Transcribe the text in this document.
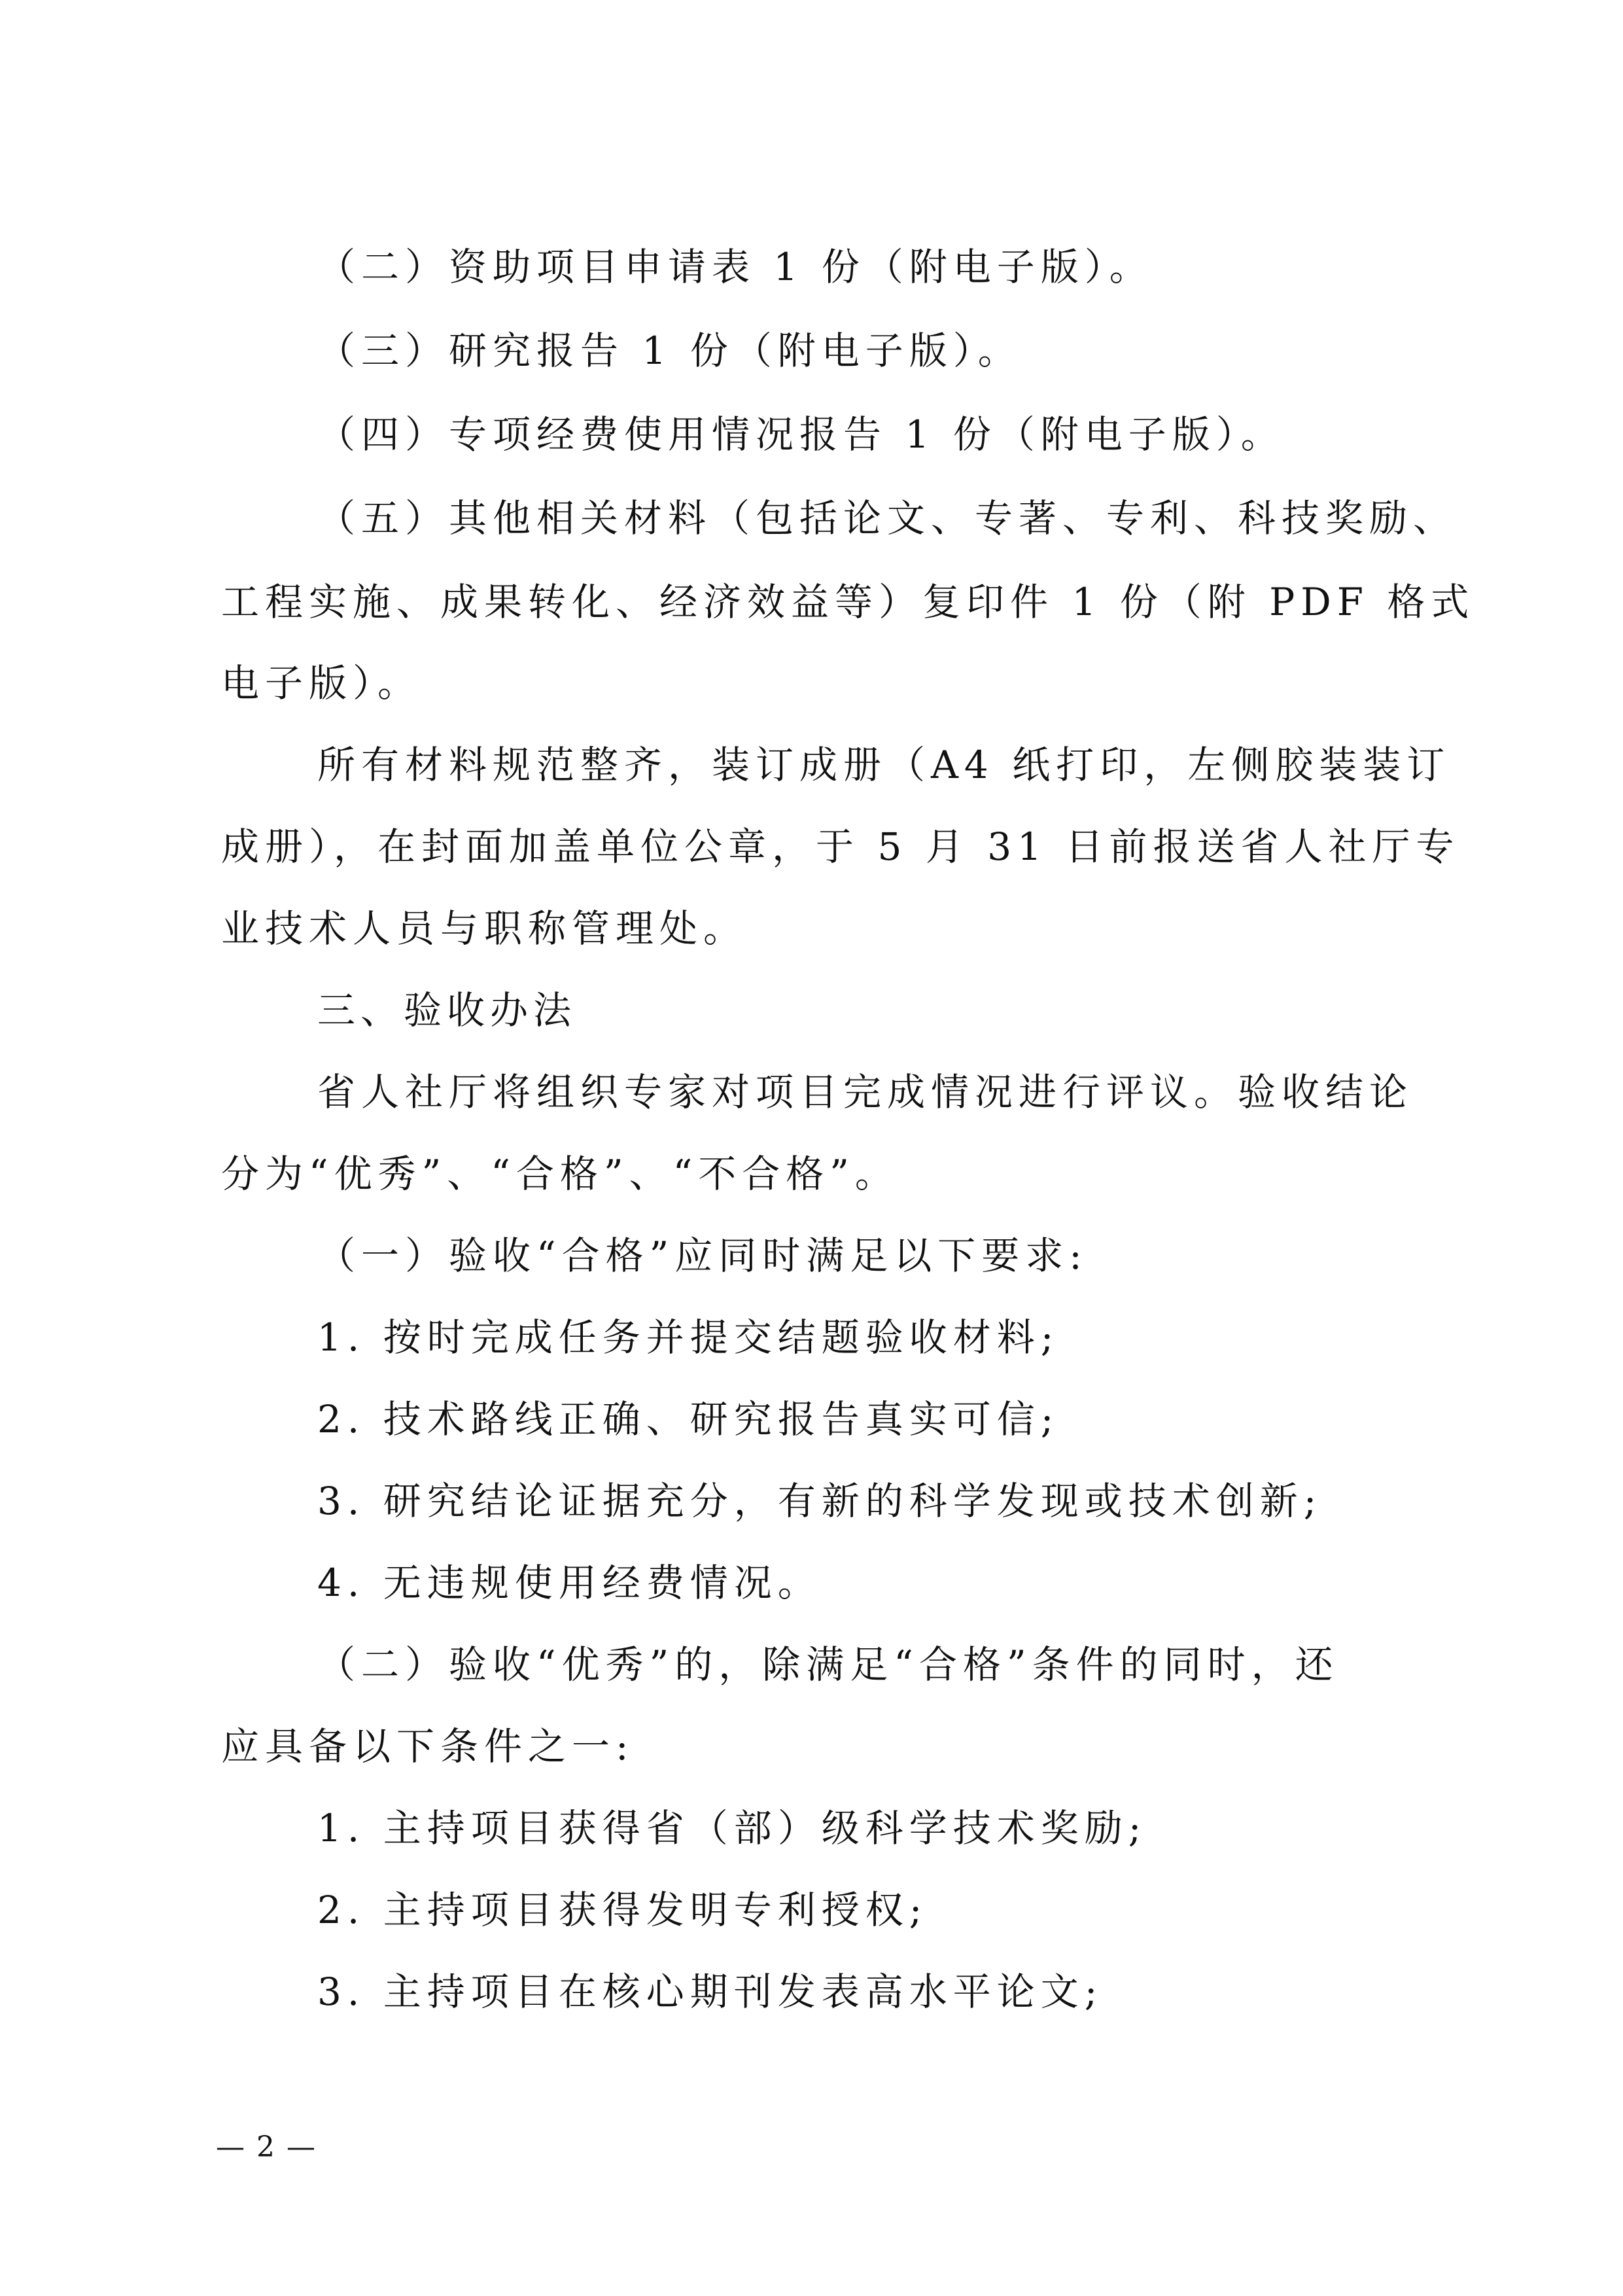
（二）资助项目申请表 1 份（附电子版）。
（三）研究报告 1 份（附电子版）。
（四）专项经费使用情况报告 1 份（附电子版）。
（五）其他相关材料（包括论文、专著、专利、科技奖励、
工程实施、成果转化、经济效益等）复印件 1 份（附 PDF 格式
电子版）。
所有材料规范整齐，装订成册（A4 纸打印，左侧胶装装订
成册），在封面加盖单位公章，于 5 月 31 日前报送省人社厅专
业技术人员与职称管理处。
三、验收办法
省人社厅将组织专家对项目完成情况进行评议。验收结论
分为“优秀”、“合格”、“不合格”。
（一）验收“合格”应同时满足以下要求:
1. 按时完成任务并提交结题验收材料;
2. 技术路线正确、研究报告真实可信;
3. 研究结论证据充分，有新的科学发现或技术创新;
4. 无违规使用经费情况。
（二）验收“优秀”的，除满足“合格”条件的同时，还
应具备以下条件之一:
1. 主持项目获得省（部）级科学技术奖励;
2. 主持项目获得发明专利授权;
3. 主持项目在核心期刊发表高水平论文;
— 2 —
